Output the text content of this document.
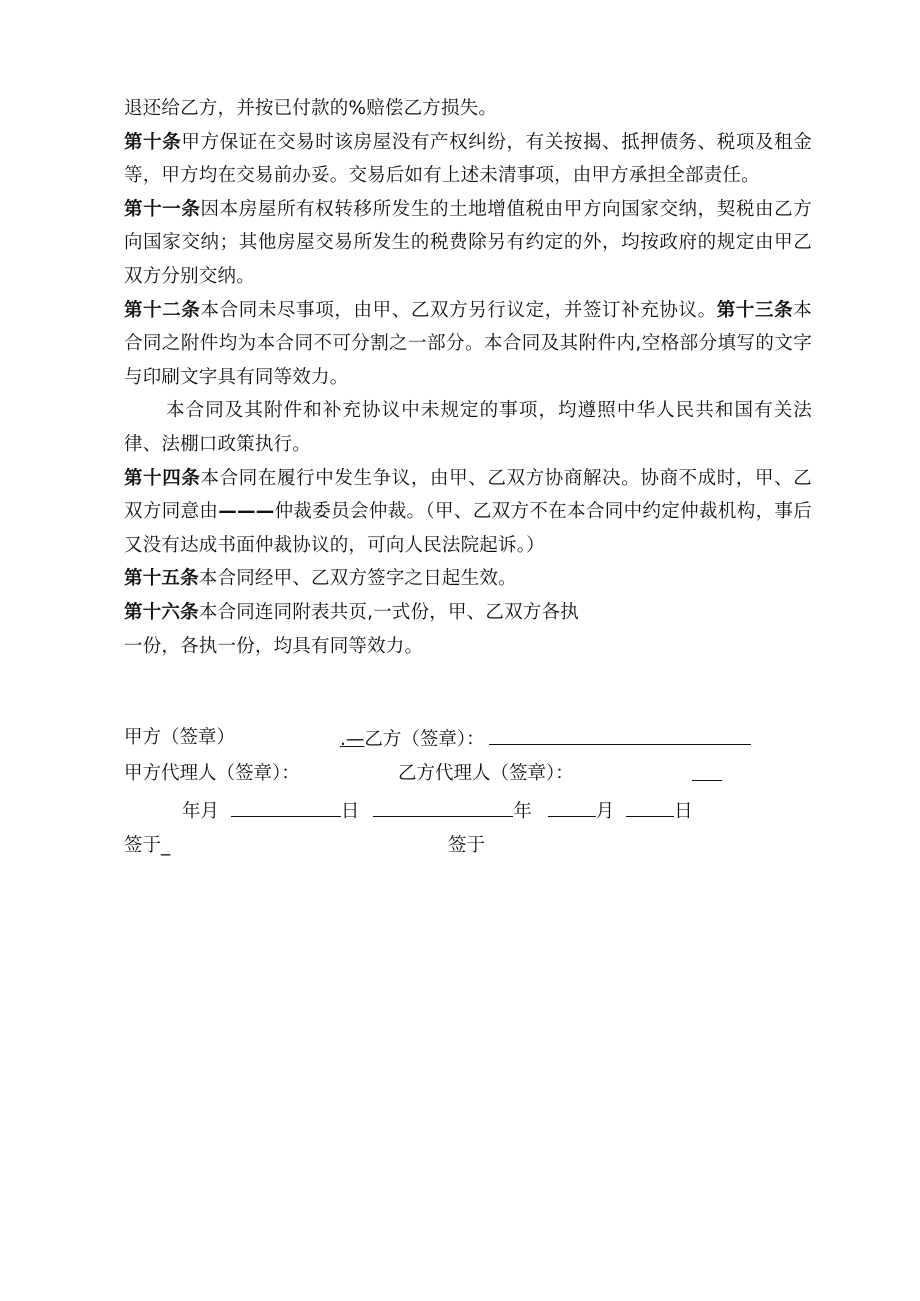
退还给乙方，并按已付款的%赔偿乙方损失。

第十条甲方保证在交易时该房屋没有产权纠纷，有关按揭、抵押债务、税项及租金等，甲方均在交易前办妥。交易后如有上述未清事项，由甲方承担全部责任。

第十一条因本房屋所有权转移所发生的土地增值税由甲方向国家交纳，契税由乙方向国家交纳；其他房屋交易所发生的税费除另有约定的外，均按政府的规定由甲乙双方分别交纳。

第十二条本合同未尽事项，由甲、乙双方另行议定，并签订补充协议。第十三条本合同之附件均为本合同不可分割之一部分。本合同及其附件内,空格部分填写的文字与印刷文字具有同等效力。

本合同及其附件和补充协议中未规定的事项，均遵照中华人民共和国有关法律、法棚口政策执行。

第十四条本合同在履行中发生争议，由甲、乙双方协商解决。协商不成时，甲、乙双方同意由———仲裁委员会仲裁。（甲、乙双方不在本合同中约定仲裁机构，事后又没有达成书面仲裁协议的，可向人民法院起诉。）

第十五条本合同经甲、乙双方签字之日起生效。

第十六条本合同连同附表共页,一式份，甲、乙双方各执
一份，各执一份，均具有同等效力。

甲方（签章）	.—乙方（签章）：
甲方代理人（签章）：	乙方代理人（签章）：
年月	日	年	月	日
签于_	签于
